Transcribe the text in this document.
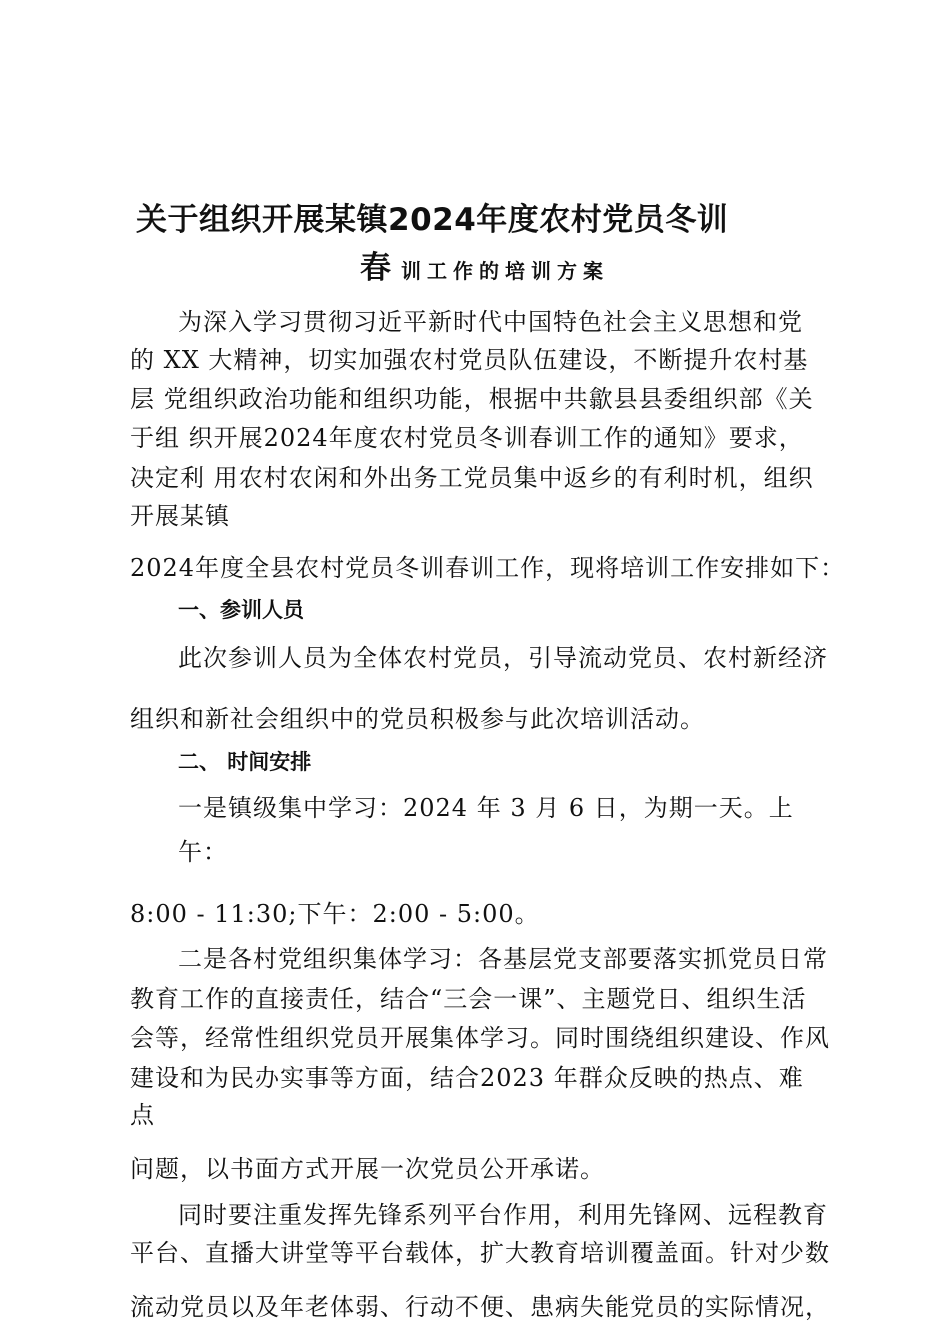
关于组织开展某镇2024年度农村党员冬训
春训工作的培训方案
为深入学习贯彻习近平新时代中国特色社会主义思想和党
的 XX 大精神，切实加强农村党员队伍建设，不断提升农村基
层 党组织政治功能和组织功能，根据中共歙县县委组织部《关
于组 织开展2024年度农村党员冬训春训工作的通知》要求，
决定利 用农村农闲和外出务工党员集中返乡的有利时机，组织
开展某镇
2024年度全县农村党员冬训春训工作，现将培训工作安排如下：
一、参训人员
此次参训人员为全体农村党员，引导流动党员、农村新经济
组织和新社会组织中的党员积极参与此次培训活动。
二、 时间安排
一是镇级集中学习：2024 年 3 月 6 日，为期一天。上
午：
8:00 - 11:30;下午：2:00 - 5:00。
二是各村党组织集体学习：各基层党支部要落实抓党员日常
教育工作的直接责任，结合“三会一课”、主题党日、组织生活
会等，经常性组织党员开展集体学习。同时围绕组织建设、作风
建设和为民办实事等方面，结合2023 年群众反映的热点、难
点
问题，以书面方式开展一次党员公开承诺。
同时要注重发挥先锋系列平台作用，利用先锋网、远程教育
平台、直播大讲堂等平台载体，扩大教育培训覆盖面。针对少数
流动党员以及年老体弱、行动不便、患病失能党员的实际情况，
